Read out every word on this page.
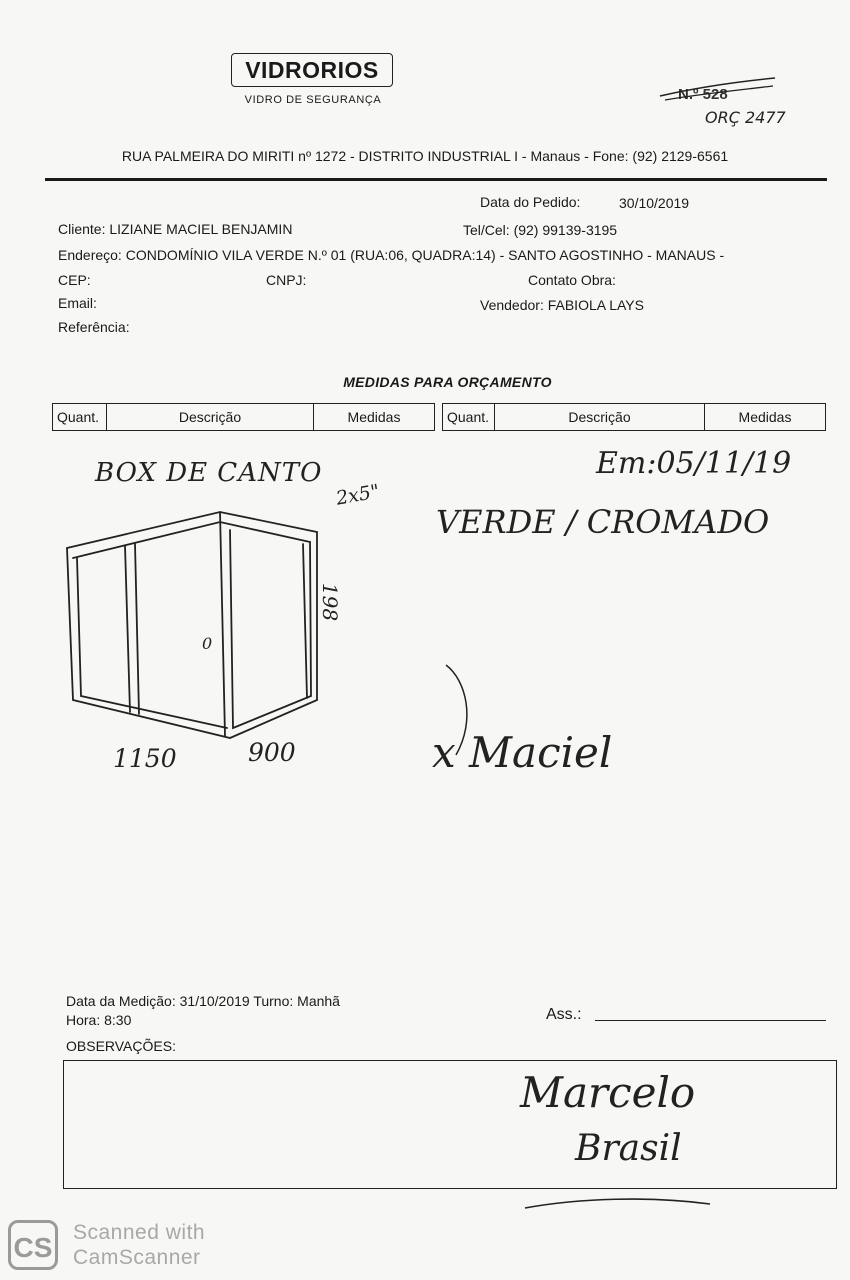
VIDRORIOS
VIDRO DE SEGURANÇA	N.º 528
ORÇ 2477
RUA PALMEIRA DO MIRITI nº 1272 - DISTRITO INDUSTRIAL I - Manaus - Fone: (92) 2129-6561
Data do Pedido:	30/10/2019
Cliente: LIZIANE MACIEL BENJAMIN	Tel/Cel: (92) 99139-3195
Endereço: CONDOMÍNIO VILA VERDE N.º 01 (RUA:06, QUADRA:14) - SANTO AGOSTINHO - MANAUS -
CEP:	CNPJ:	Contato Obra:
Email:	Vendedor: FABIOLA LAYS
Referência:
MEDIDAS PARA ORÇAMENTO
Quant.	Descrição	Medidas	Quant.	Descrição	Medidas
BOX DE CANTO
2x5"
198
1150	900
0
Em:05/11/19
VERDE / CROMADO
x Maciel
Data da Medição: 31/10/2019 Turno: Manhã
Hora: 8:30	Ass.:
OBSERVAÇÕES:
Marcelo
Brasil
CS Scanned with
CamScanner
